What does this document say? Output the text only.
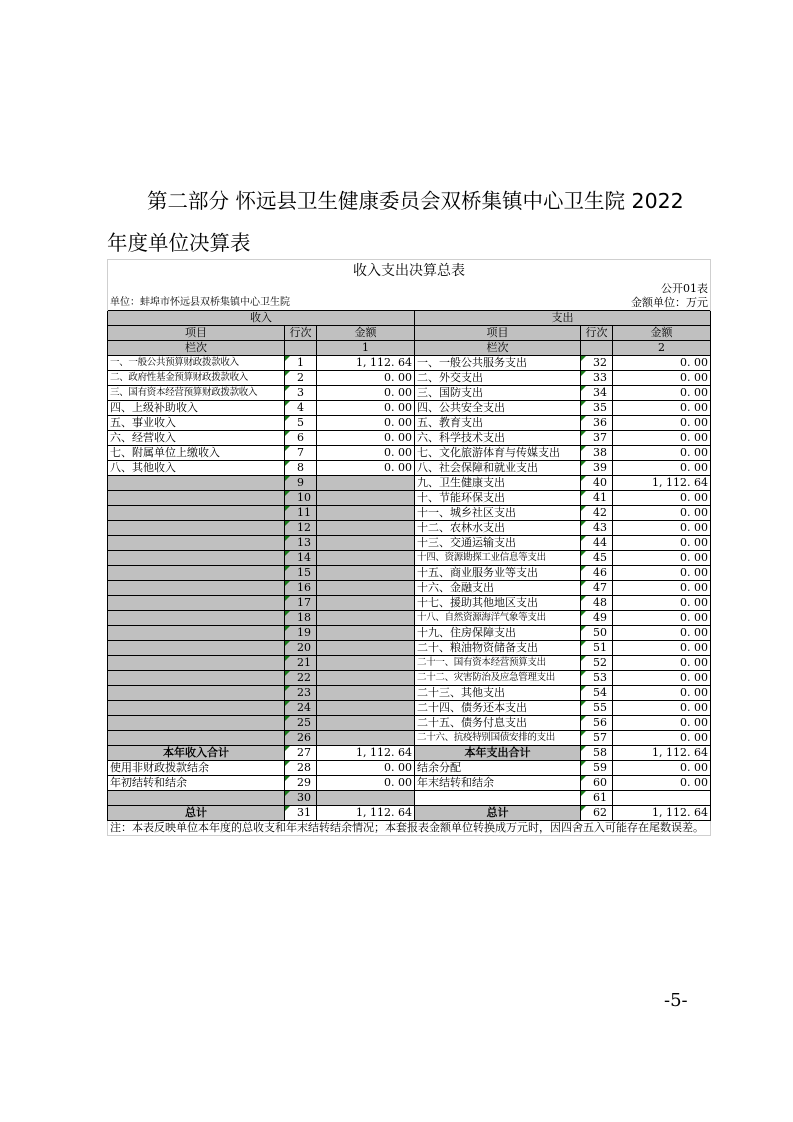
第二部分 怀远县卫生健康委员会双桥集镇中心卫生院 2022
年度单位决算表
收入支出决算总表					
公开01表					
单位：蚌埠市怀远县双桥集镇中心卫生院				金额单位：万元	
收入			支出		
项目	行次	金额	项目	行次	金额
栏次		1	栏次		2
一、一般公共预算财政拨款收入	1	1, 112. 64	一、一般公共服务支出	32	0. 00
二、政府性基金预算财政拨款收入	2	0. 00	二、外交支出	33	0. 00
三、国有资本经营预算财政拨款收入	3	0. 00	三、国防支出	34	0. 00
四、上级补助收入	4	0. 00	四、公共安全支出	35	0. 00
五、事业收入	5	0. 00	五、教育支出	36	0. 00
六、经营收入	6	0. 00	六、科学技术支出	37	0. 00
七、附属单位上缴收入	7	0. 00	七、文化旅游体育与传媒支出	38	0. 00
八、其他收入	8	0. 00	八、社会保障和就业支出	39	0. 00
	9		九、卫生健康支出	40	1, 112. 64
	10		十、节能环保支出	41	0. 00
	11		十一、城乡社区支出	42	0. 00
	12		十二、农林水支出	43	0. 00
	13		十三、交通运输支出	44	0. 00
	14		十四、资源勘探工业信息等支出	45	0. 00
	15		十五、商业服务业等支出	46	0. 00
	16		十六、金融支出	47	0. 00
	17		十七、援助其他地区支出	48	0. 00
	18		十八、自然资源海洋气象等支出	49	0. 00
	19		十九、住房保障支出	50	0. 00
	20		二十、粮油物资储备支出	51	0. 00
	21		二十一、国有资本经营预算支出	52	0. 00
	22		二十二、灾害防治及应急管理支出	53	0. 00
	23		二十三、其他支出	54	0. 00
	24		二十四、债务还本支出	55	0. 00
	25		二十五、债务付息支出	56	0. 00
	26		二十六、抗疫特别国债安排的支出	57	0. 00
本年收入合计	27	1, 112. 64	本年支出合计	58	1, 112. 64
使用非财政拨款结余	28	0. 00	结余分配	59	0. 00
年初结转和结余	29	0. 00	年末结转和结余	60	0. 00
	30			61	
总计	31	1, 112. 64	总计	62	1, 112. 64
注：本表反映单位本年度的总收支和年末结转结余情况；本套报表金额单位转换成万元时，因四舍五入可能存在尾数误差。					
-5-
